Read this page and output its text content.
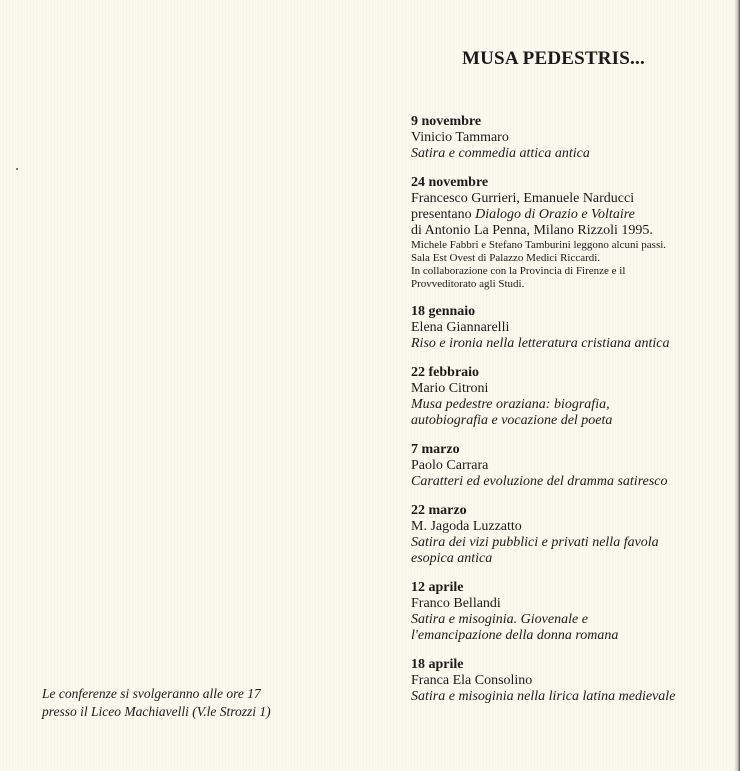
MUSA PEDESTRIS...
9 novembre
Vinicio Tammaro
Satira e commedia attica antica
24 novembre
Francesco Gurrieri, Emanuele Narducci
presentano Dialogo di Orazio e Voltaire
di Antonio La Penna, Milano Rizzoli 1995.
Michele Fabbri e Stefano Tamburini leggono alcuni passi.
Sala Est Ovest di Palazzo Medici Riccardi.
In collaborazione con la Provincia di Firenze e il
Provveditorato agli Studi.
18 gennaio
Elena Giannarelli
Riso e ironia nella letteratura cristiana antica
22 febbraio
Mario Citroni
Musa pedestre oraziana: biografia,
autobiografia e vocazione del poeta
7 marzo
Paolo Carrara
Caratteri ed evoluzione del dramma satiresco
22 marzo
M. Jagoda Luzzatto
Satira dei vizi pubblici e privati nella favola
esopica antica
12 aprile
Franco Bellandi
Satira e misoginia. Giovenale e
l'emancipazione della donna romana
18 aprile
Franca Ela Consolino
Satira e misoginia nella lirica latina medievale
Le conferenze si svolgeranno alle ore 17
presso il Liceo Machiavelli (V.le Strozzi 1)
